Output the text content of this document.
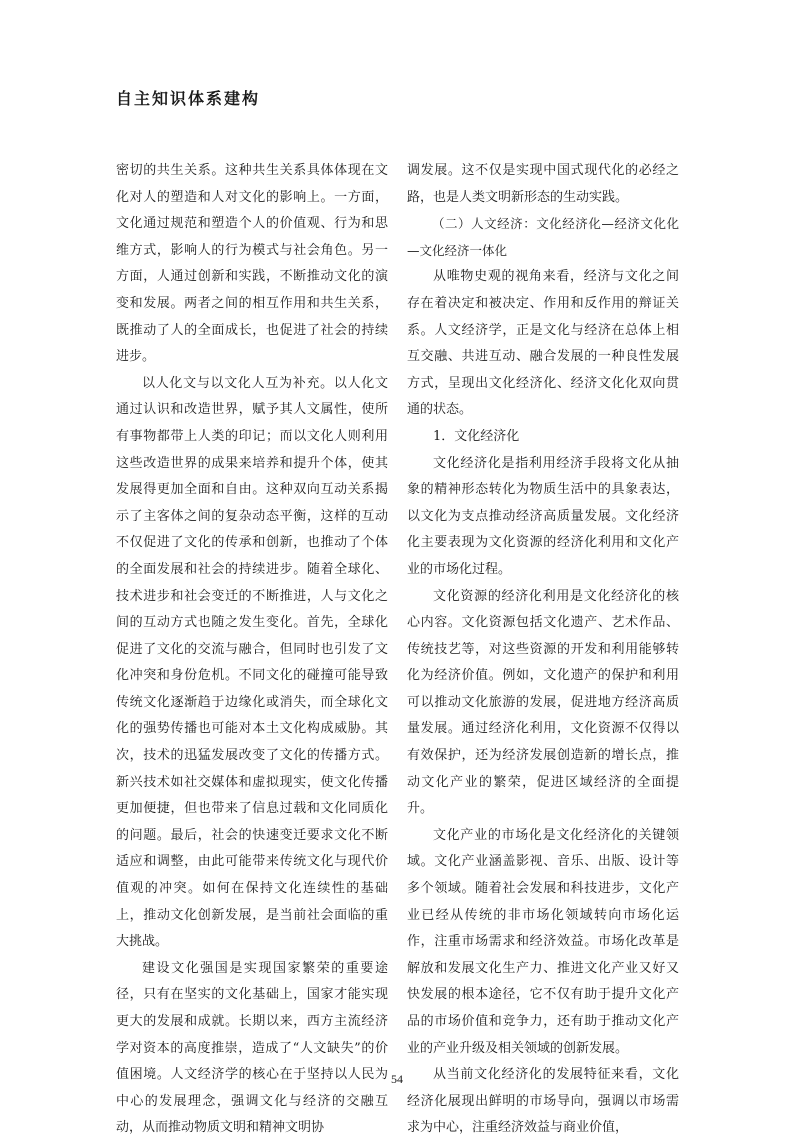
自主知识体系建构

密切的共生关系。这种共生关系具体体现在文化对人的塑造和人对文化的影响上。一方面，文化通过规范和塑造个人的价值观、行为和思维方式，影响人的行为模式与社会角色。另一方面，人通过创新和实践，不断推动文化的演变和发展。两者之间的相互作用和共生关系，既推动了人的全面成长，也促进了社会的持续进步。

以人化文与以文化人互为补充。以人化文通过认识和改造世界，赋予其人文属性，使所有事物都带上人类的印记；而以文化人则利用这些改造世界的成果来培养和提升个体，使其发展得更加全面和自由。这种双向互动关系揭示了主客体之间的复杂动态平衡，这样的互动不仅促进了文化的传承和创新，也推动了个体的全面发展和社会的持续进步。随着全球化、技术进步和社会变迁的不断推进，人与文化之间的互动方式也随之发生变化。首先，全球化促进了文化的交流与融合，但同时也引发了文化冲突和身份危机。不同文化的碰撞可能导致传统文化逐渐趋于边缘化或消失，而全球化文化的强势传播也可能对本土文化构成威胁。其次，技术的迅猛发展改变了文化的传播方式。新兴技术如社交媒体和虚拟现实，使文化传播更加便捷，但也带来了信息过载和文化同质化的问题。最后，社会的快速变迁要求文化不断适应和调整，由此可能带来传统文化与现代价值观的冲突。如何在保持文化连续性的基础上，推动文化创新发展，是当前社会面临的重大挑战。

建设文化强国是实现国家繁荣的重要途径，只有在坚实的文化基础上，国家才能实现更大的发展和成就。长期以来，西方主流经济学对资本的高度推崇，造成了“人文缺失”的价值困境。人文经济学的核心在于坚持以人民为中心的发展理念，强调文化与经济的交融互动，从而推动物质文明和精神文明协

调发展。这不仅是实现中国式现代化的必经之路，也是人类文明新形态的生动实践。

（二）人文经济：文化经济化—经济文化化—文化经济一体化

从唯物史观的视角来看，经济与文化之间存在着决定和被决定、作用和反作用的辩证关系。人文经济学，正是文化与经济在总体上相互交融、共进互动、融合发展的一种良性发展方式，呈现出文化经济化、经济文化化双向贯通的状态。

1．文化经济化

文化经济化是指利用经济手段将文化从抽象的精神形态转化为物质生活中的具象表达，以文化为支点推动经济高质量发展。文化经济化主要表现为文化资源的经济化利用和文化产业的市场化过程。

文化资源的经济化利用是文化经济化的核心内容。文化资源包括文化遗产、艺术作品、传统技艺等，对这些资源的开发和利用能够转化为经济价值。例如，文化遗产的保护和利用可以推动文化旅游的发展，促进地方经济高质量发展。通过经济化利用，文化资源不仅得以有效保护，还为经济发展创造新的增长点，推动文化产业的繁荣，促进区域经济的全面提升。

文化产业的市场化是文化经济化的关键领域。文化产业涵盖影视、音乐、出版、设计等多个领域。随着社会发展和科技进步，文化产业已经从传统的非市场化领域转向市场化运作，注重市场需求和经济效益。市场化改革是解放和发展文化生产力、推进文化产业又好又快发展的根本途径，它不仅有助于提升文化产品的市场价值和竞争力，还有助于推动文化产业的产业升级及相关领域的创新发展。

从当前文化经济化的发展特征来看，文化经济化展现出鲜明的市场导向，强调以市场需求为中心，注重经济效益与商业价值，

54
